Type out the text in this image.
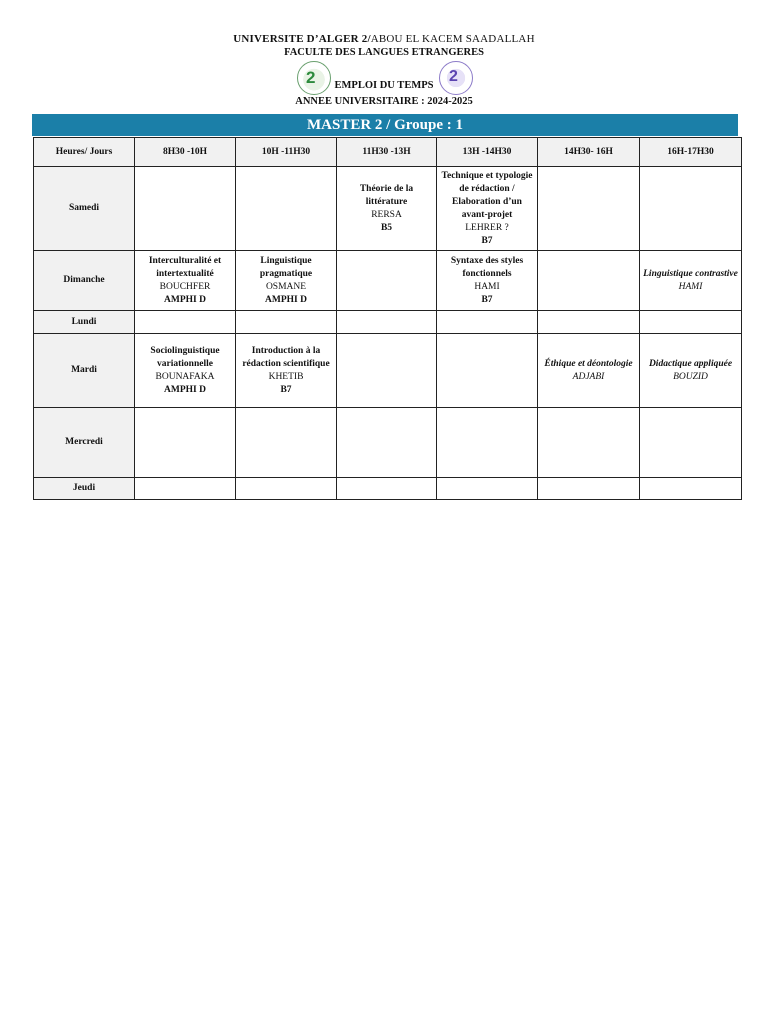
UNIVERSITE D’ALGER 2/ABOU EL KACEM SAADALLAH
FACULTE DES LANGUES ETRANGERES
2	EMPLOI DU TEMPS
2
ANNEE UNIVERSITAIRE : 2024-2025
MASTER 2 / Groupe : 1
Heures/ Jours	8H30 -10H	10H -11H30	11H30 -13H	13H -14H30	14H30- 16H	16H-17H30
Samedi			Théorie de la littérature
RERSA
B5	Technique et typologie de rédaction / Elaboration d’un avant-projet
LEHRER ?
B7		

Dimanche	Interculturalité et intertextualité
BOUCHFER
AMPHI D	Linguistique pragmatique
OSMANE
AMPHI D		Syntaxe des styles fonctionnels
HAMI
B7		Linguistique contrastive
HAMI

Lundi						
Mardi	Sociolinguistique variationnelle
BOUNAFAKA
AMPHI D	Introduction à la rédaction scientifique
KHETIB
B7			Éthique et déontologie
ADJABI	Didactique appliquée
BOUZID

Mercredi						
Jeudi						
